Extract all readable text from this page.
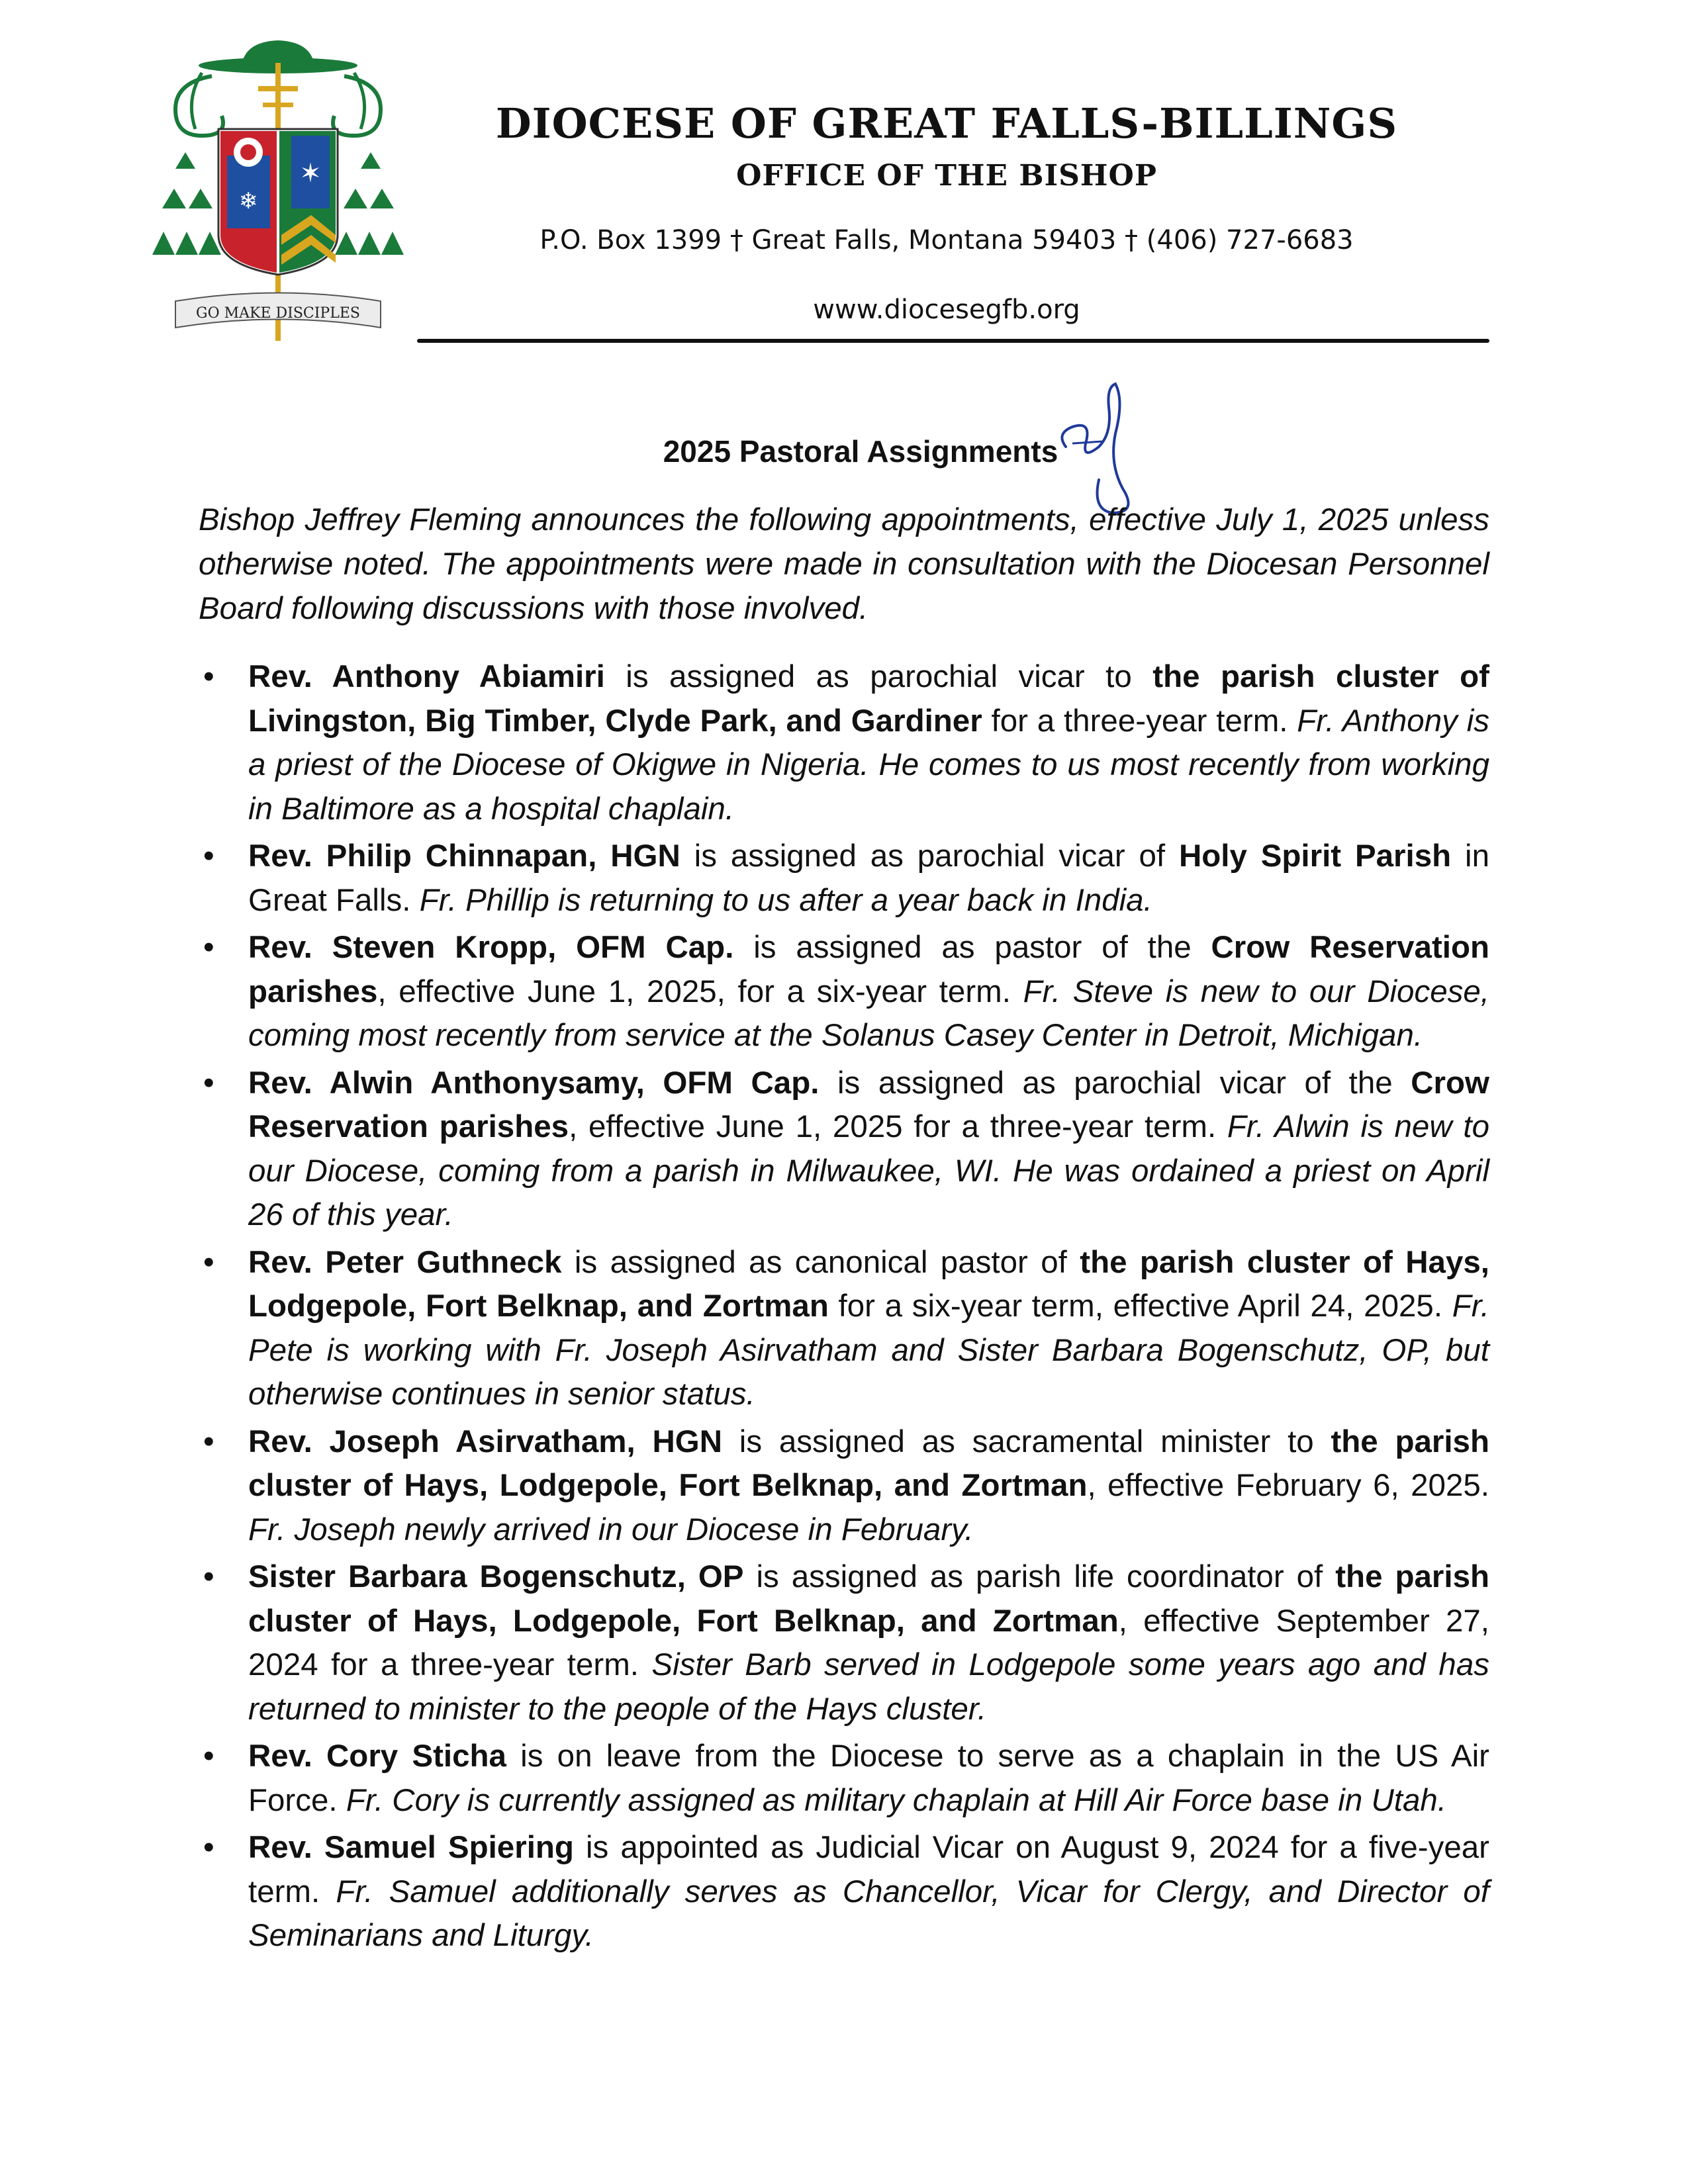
✶
❄
GO MAKE DISCIPLES
DIOCESE OF GREAT FALLS-BILLINGS
OFFICE OF THE BISHOP
P.O. Box 1399 † Great Falls, Montana 59403 † (406) 727-6683
www.diocesegfb.org
2025 Pastoral Assignments
Bishop Jeffrey Fleming announces the following appointments, effective July 1, 2025 unless otherwise noted. The appointments were made in consultation with the Diocesan Personnel Board following discussions with those involved.
• Rev. Anthony Abiamiri is assigned as parochial vicar to the parish cluster of Livingston, Big Timber, Clyde Park, and Gardiner for a three-year term. Fr. Anthony is a priest of the Diocese of Okigwe in Nigeria. He comes to us most recently from working in Baltimore as a hospital chaplain.
• Rev. Philip Chinnapan, HGN is assigned as parochial vicar of Holy Spirit Parish in Great Falls. Fr. Phillip is returning to us after a year back in India.
• Rev. Steven Kropp, OFM Cap. is assigned as pastor of the Crow Reservation parishes, effective June 1, 2025, for a six-year term. Fr. Steve is new to our Diocese, coming most recently from service at the Solanus Casey Center in Detroit, Michigan.
• Rev. Alwin Anthonysamy, OFM Cap. is assigned as parochial vicar of the Crow Reservation parishes, effective June 1, 2025 for a three-year term. Fr. Alwin is new to our Diocese, coming from a parish in Milwaukee, WI. He was ordained a priest on April 26 of this year.
• Rev. Peter Guthneck is assigned as canonical pastor of the parish cluster of Hays, Lodgepole, Fort Belknap, and Zortman for a six-year term, effective April 24, 2025. Fr. Pete is working with Fr. Joseph Asirvatham and Sister Barbara Bogenschutz, OP, but otherwise continues in senior status.
• Rev. Joseph Asirvatham, HGN is assigned as sacramental minister to the parish cluster of Hays, Lodgepole, Fort Belknap, and Zortman, effective February 6, 2025. Fr. Joseph newly arrived in our Diocese in February.
• Sister Barbara Bogenschutz, OP is assigned as parish life coordinator of the parish cluster of Hays, Lodgepole, Fort Belknap, and Zortman, effective September 27, 2024 for a three-year term. Sister Barb served in Lodgepole some years ago and has returned to minister to the people of the Hays cluster.
• Rev. Cory Sticha is on leave from the Diocese to serve as a chaplain in the US Air Force. Fr. Cory is currently assigned as military chaplain at Hill Air Force base in Utah.
• Rev. Samuel Spiering is appointed as Judicial Vicar on August 9, 2024 for a five-year term. Fr. Samuel additionally serves as Chancellor, Vicar for Clergy, and Director of Seminarians and Liturgy.
